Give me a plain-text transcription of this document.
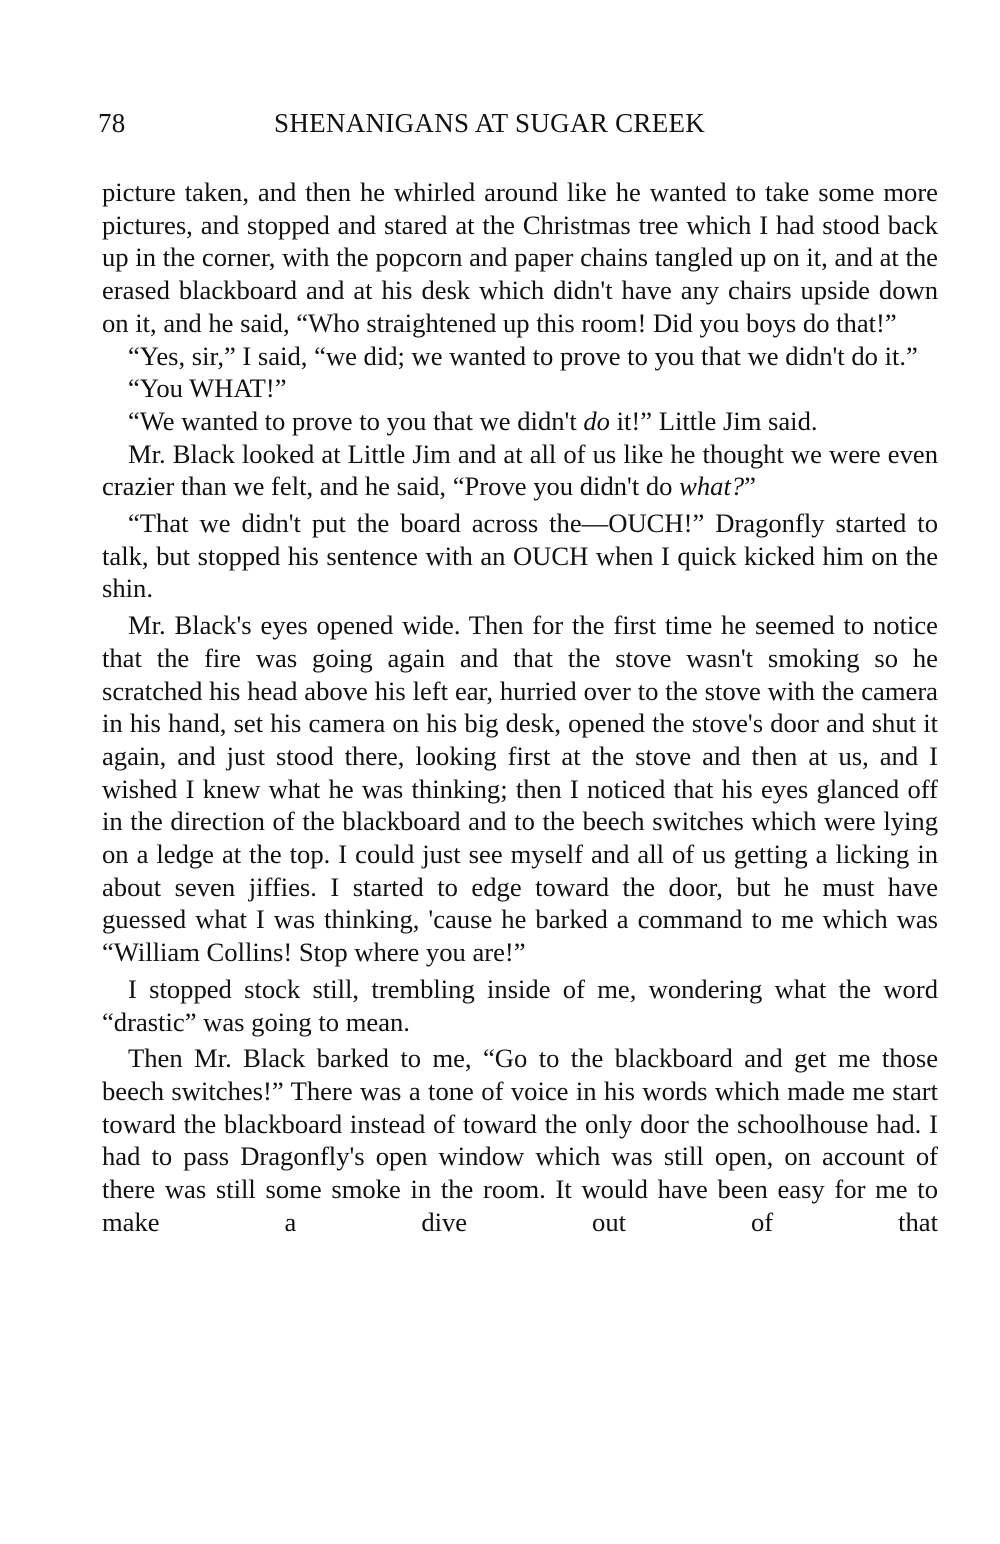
78	SHENANIGANS AT SUGAR CREEK

picture taken, and then he whirled around like he wanted to take some more pictures, and stopped and stared at the Christmas tree which I had stood back up in the corner, with the popcorn and paper chains tangled up on it, and at the erased blackboard and at his desk which didn't have any chairs upside down on it, and he said, “Who straightened up this room! Did you boys do that!”

“Yes, sir,” I said, “we did; we wanted to prove to you that we didn't do it.”

“You WHAT!”

“We wanted to prove to you that we didn't do it!” Little Jim said.

Mr. Black looked at Little Jim and at all of us like he thought we were even crazier than we felt, and he said, “Prove you didn't do what?”

“That we didn't put the board across the—OUCH!” Dragonfly started to talk, but stopped his sentence with an OUCH when I quick kicked him on the shin.

Mr. Black's eyes opened wide. Then for the first time he seemed to notice that the fire was going again and that the stove wasn't smoking so he scratched his head above his left ear, hurried over to the stove with the camera in his hand, set his camera on his big desk, opened the stove's door and shut it again, and just stood there, looking first at the stove and then at us, and I wished I knew what he was thinking; then I noticed that his eyes glanced off in the direction of the blackboard and to the beech switches which were lying on a ledge at the top. I could just see myself and all of us getting a licking in about seven jiffies. I started to edge toward the door, but he must have guessed what I was thinking, 'cause he barked a command to me which was “William Collins! Stop where you are!”

I stopped stock still, trembling inside of me, wondering what the word “drastic” was going to mean.

Then Mr. Black barked to me, “Go to the blackboard and get me those beech switches!” There was a tone of voice in his words which made me start toward the blackboard instead of toward the only door the schoolhouse had. I had to pass Dragonfly's open window which was still open, on account of there was still some smoke in the room. It would have been easy for me to make a dive out of that
